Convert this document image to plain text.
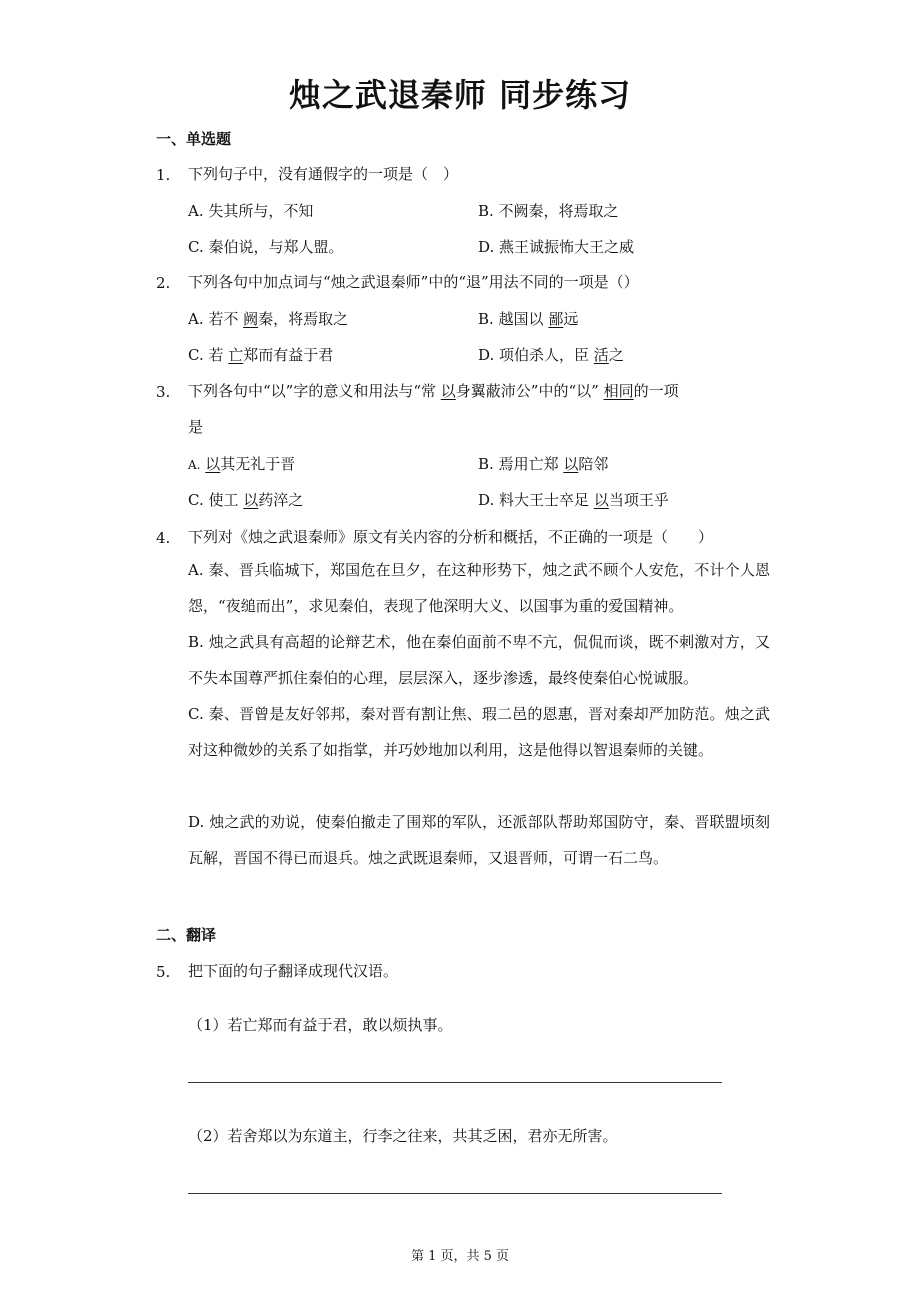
烛之武退秦师 同步练习
一、单选题
1. 下列句子中，没有通假字的一项是（　）
A. 失其所与，不知	B. 不阙秦，将焉取之
C. 秦伯说，与郑人盟。	D. 燕王诚振怖大王之威
2. 下列各句中加点词与“烛之武退秦师”中的“退”用法不同的一项是（）
A. 若不 阙秦，将焉取之	B. 越国以 鄙远
C. 若 亡郑而有益于君	D. 项伯杀人，臣 活之
3. 下列各句中“以”字的意义和用法与“常 以身翼蔽沛公”中的“以” 相同的一项
是
A. 以其无礼于晋	B. 焉用亡郑 以陪邻
C. 使工 以药淬之	D. 料大王士卒足 以当项王乎
4. 下列对《烛之武退秦师》原文有关内容的分析和概括，不正确的一项是（　　）
A. 秦、晋兵临城下，郑国危在旦夕，在这种形势下，烛之武不顾个人安危，不计个人恩怨，“夜缒而出”，求见秦伯，表现了他深明大义、以国事为重的爱国精神。
B. 烛之武具有高超的论辩艺术，他在秦伯面前不卑不亢，侃侃而谈，既不刺激对方，又不失本国尊严抓住秦伯的心理，层层深入，逐步渗透，最终使秦伯心悦诚服。
C. 秦、晋曾是友好邻邦，秦对晋有割让焦、瑕二邑的恩惠，晋对秦却严加防范。烛之武对这种微妙的关系了如指掌，并巧妙地加以利用，这是他得以智退秦师的关键。
D. 烛之武的劝说，使秦伯撤走了围郑的军队，还派部队帮助郑国防守，秦、晋联盟顷刻瓦解，晋国不得已而退兵。烛之武既退秦师，又退晋师，可谓一石二鸟。
二、翻译
5. 把下面的句子翻译成现代汉语。
（1）若亡郑而有益于君，敢以烦执事。
（2）若舍郑以为东道主，行李之往来，共其乏困，君亦无所害。
第 1 页，共 5 页
